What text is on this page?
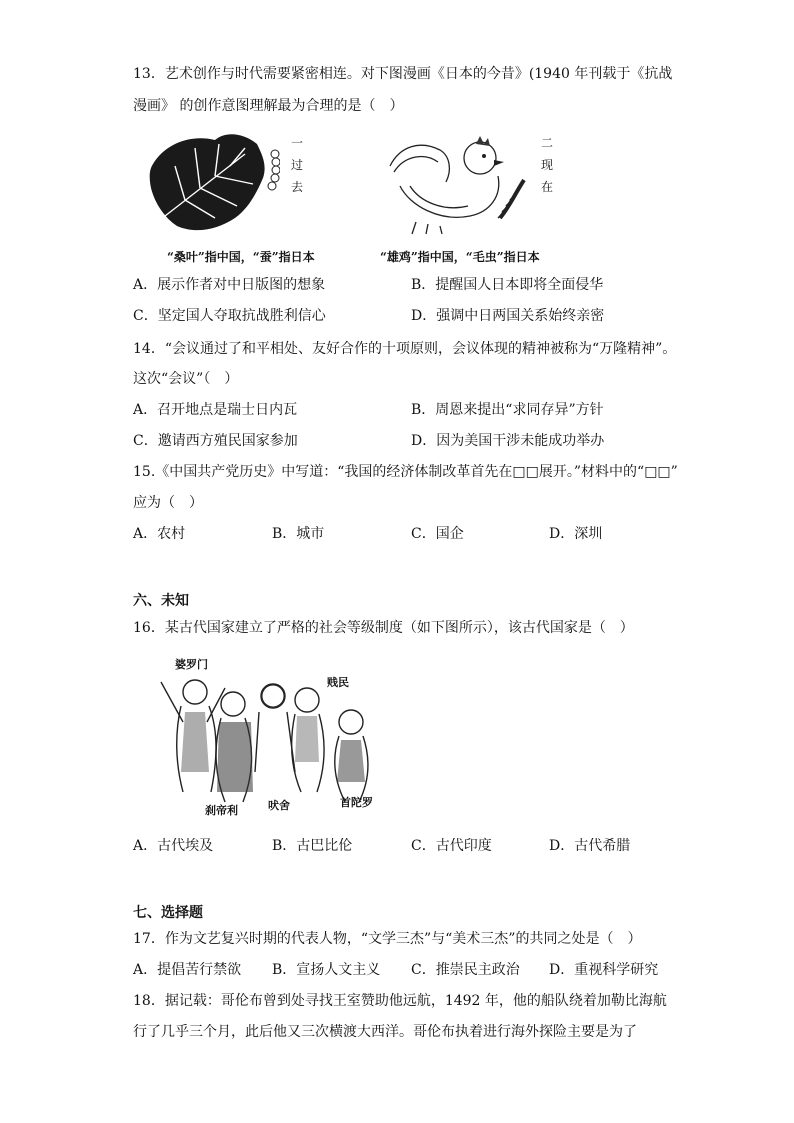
13．艺术创作与时代需要紧密相连。对下图漫画《日本的今昔》(1940 年刊载于《抗战
漫画》 的创作意图理解最为合理的是（　）
一过去
二现在
“桑叶”指中国，“蚕”指日本	“雄鸡”指中国，“毛虫”指日本
A．展示作者对中日版图的想象	B．提醒国人日本即将全面侵华
C．坚定国人夺取抗战胜利信心	D．强调中日两国关系始终亲密
14．“会议通过了和平相处、友好合作的十项原则，会议体现的精神被称为“万隆精神”。
这次“会议”（　）
A．召开地点是瑞士日内瓦	B．周恩来提出“求同存异”方针
C．邀请西方殖民国家参加	D．因为美国干涉未能成功举办
15.《中国共产党历史》中写道：“我国的经济体制改革首先在□□展开。”材料中的“□□”
应为（　）
A．农村	B．城市	C．国企	D．深圳
六、未知
16．某古代国家建立了严格的社会等级制度（如下图所示），该古代国家是（　）
婆罗门
贱民
刹帝利	吠舍	首陀罗
A．古代埃及	B．古巴比伦	C．古代印度	D．古代希腊
七、选择题
17．作为文艺复兴时期的代表人物，“文学三杰”与“美术三杰”的共同之处是（　）
A．提倡苦行禁欲 B．宣扬人文主义 C．推崇民主政治 D．重视科学研究
18．据记载：哥伦布曾到处寻找王室赞助他远航，1492 年，他的船队绕着加勒比海航
行了几乎三个月，此后他又三次横渡大西洋。哥伦布执着进行海外探险主要是为了
